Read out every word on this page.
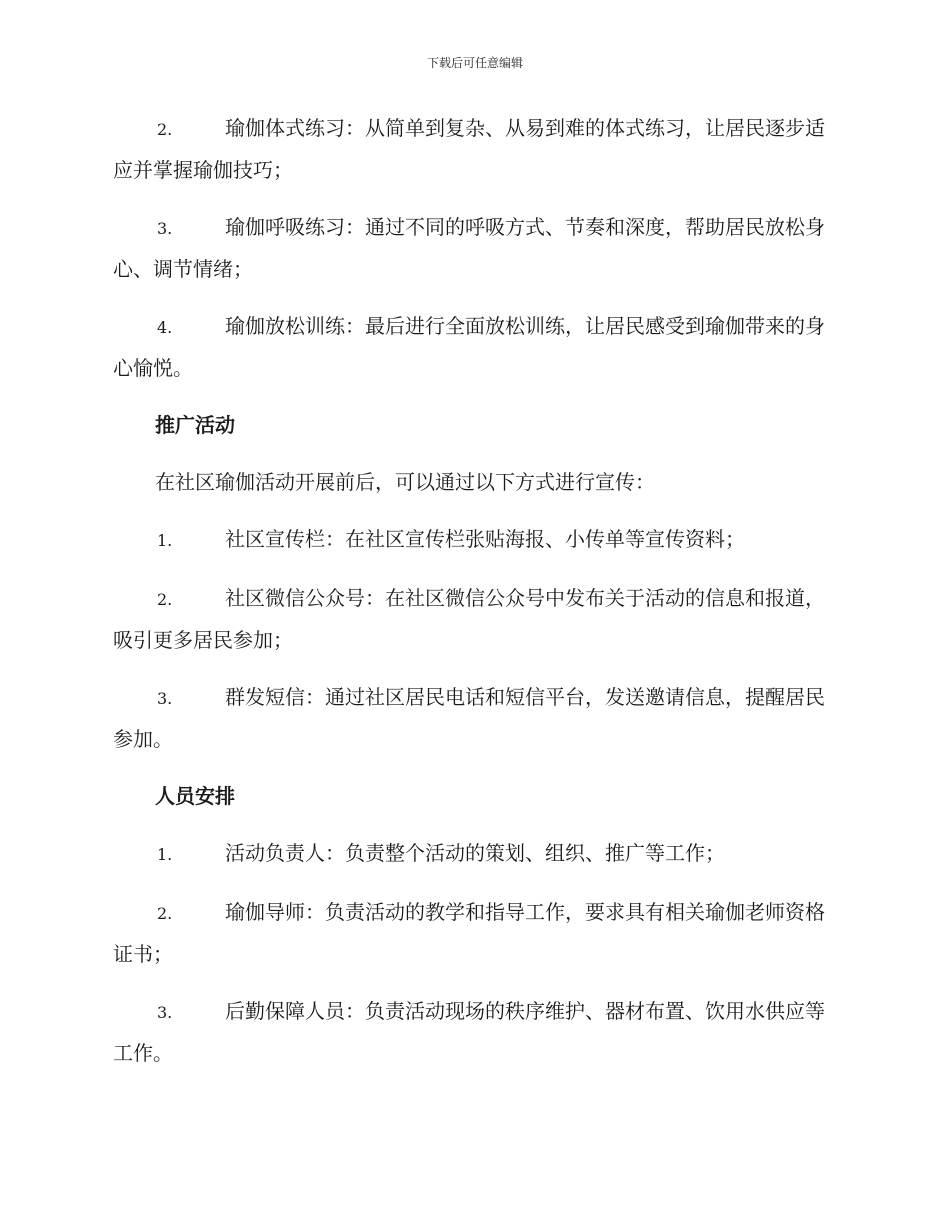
下载后可任意编辑
2.	瑜伽体式练习：从简单到复杂、从易到难的体式练习，让居民逐步适应并掌握瑜伽技巧；
3.	瑜伽呼吸练习：通过不同的呼吸方式、节奏和深度，帮助居民放松身心、调节情绪；
4.	瑜伽放松训练：最后进行全面放松训练，让居民感受到瑜伽带来的身心愉悦。
推广活动
在社区瑜伽活动开展前后，可以通过以下方式进行宣传：
1.	社区宣传栏：在社区宣传栏张贴海报、小传单等宣传资料；
2.	社区微信公众号：在社区微信公众号中发布关于活动的信息和报道，吸引更多居民参加；
3.	群发短信：通过社区居民电话和短信平台，发送邀请信息，提醒居民参加。
人员安排
1.	活动负责人：负责整个活动的策划、组织、推广等工作；
2.	瑜伽导师：负责活动的教学和指导工作，要求具有相关瑜伽老师资格证书；
3.	后勤保障人员：负责活动现场的秩序维护、器材布置、饮用水供应等工作。
